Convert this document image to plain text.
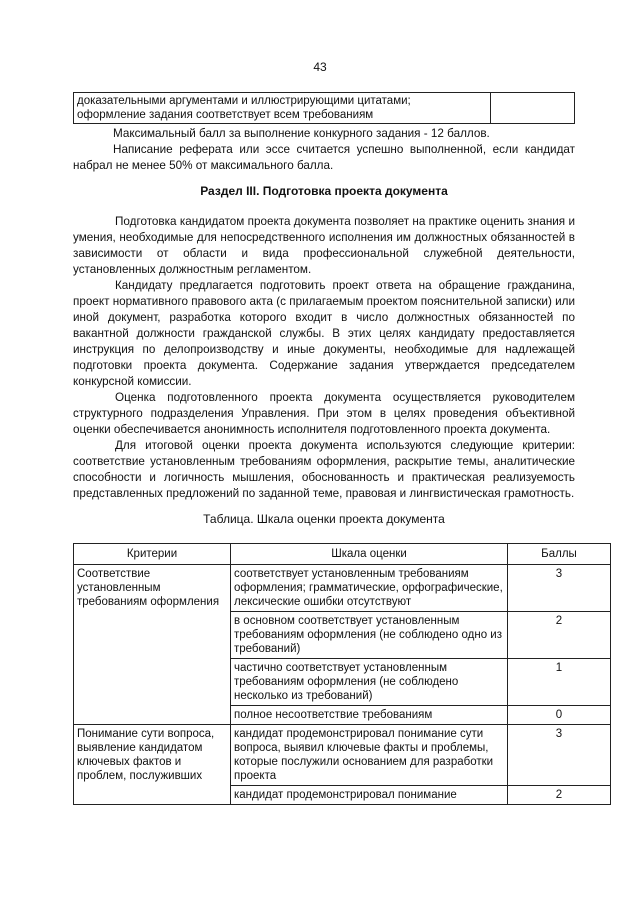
43
доказательными аргументами и иллюстрирующими цитатами;
оформление задания соответствует всем требованиям

Максимальный балл за выполнение конкурного задания - 12 баллов.

Написание реферата или эссе считается успешно выполненной, если кандидат набрал не менее 50% от максимального балла.

Раздел III. Подготовка проекта документа

Подготовка кандидатом проекта документа позволяет на практике оценить знания и умения, необходимые для непосредственного исполнения им должностных обязанностей в зависимости от области и вида профессиональной служебной деятельности, установленных должностным регламентом.

Кандидату предлагается подготовить проект ответа на обращение гражданина, проект нормативного правового акта (с прилагаемым проектом пояснительной записки) или иной документ, разработка которого входит в число должностных обязанностей по вакантной должности гражданской службы. В этих целях кандидату предоставляется инструкция по делопроизводству и иные документы, необходимые для надлежащей подготовки проекта документа. Содержание задания утверждается председателем конкурсной комиссии.

Оценка подготовленного проекта документа осуществляется руководителем структурного подразделения Управления. При этом в целях проведения объективной оценки обеспечивается анонимность исполнителя подготовленного проекта документа.

Для итоговой оценки проекта документа используются следующие критерии: соответствие установленным требованиям оформления, раскрытие темы, аналитические способности и логичность мышления, обоснованность и практическая реализуемость представленных предложений по заданной теме, правовая и лингвистическая грамотность.

Таблица. Шкала оценки проекта документа

Критерии	Шкала оценки	Баллы
Соответствие установленным требованиям оформления	соответствует установленным требованиям оформления; грамматические, орфографические, лексические ошибки отсутствуют	3
	в основном соответствует установленным требованиям оформления (не соблюдено одно из требований)	2
	частично соответствует установленным требованиям оформления (не соблюдено несколько из требований)	1
	полное несоответствие требованиям	0
Понимание сути вопроса, выявление кандидатом ключевых фактов и проблем, послуживших	кандидат продемонстрировал понимание сути вопроса, выявил ключевые факты и проблемы, которые послужили основанием для разработки проекта	3
	кандидат продемонстрировал понимание	2
